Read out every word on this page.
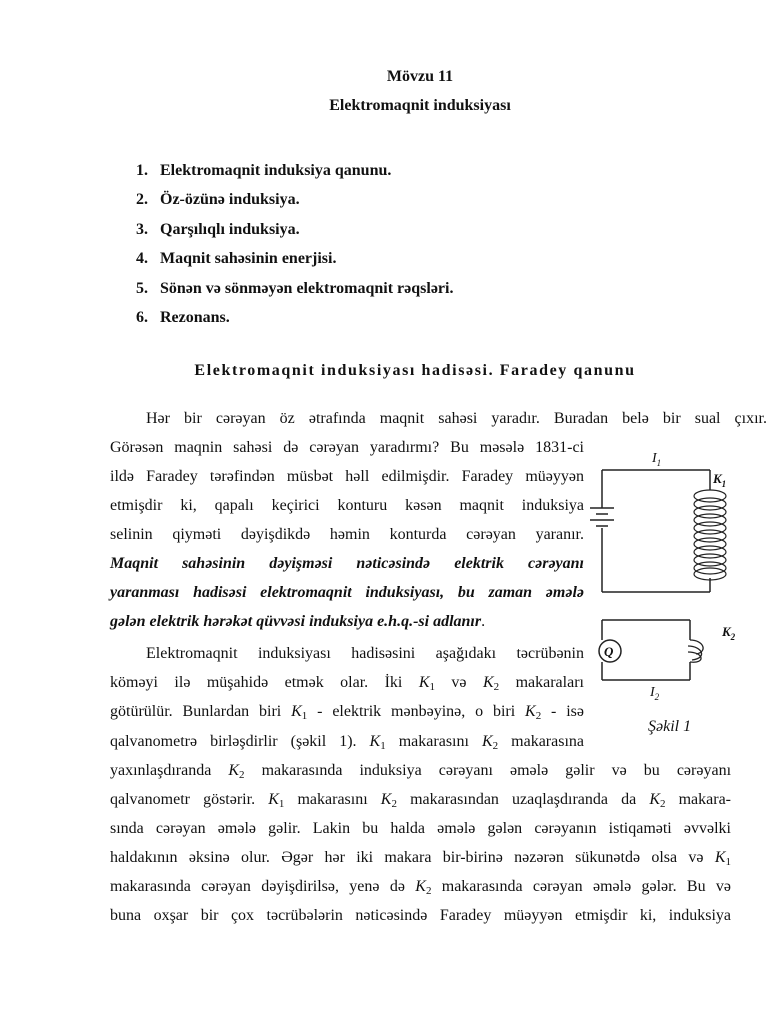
Mövzu 11
Elektromaqnit induksiyası
1. Elektromaqnit induksiya qanunu.
2. Öz-özünə induksiya.
3. Qarşılıqlı induksiya.
4. Maqnit sahəsinin enerjisi.
5. Sönən və sönməyən elektromaqnit rəqsləri.
6. Rezonans.
Elektromaqnit induksiyası hadisəsi. Faradey qanunu
Hər bir cərəyan öz ətrafında maqnit sahəsi yaradır. Buradan belə bir sual çıxır.
Görəsən maqnin sahəsi də cərəyan yaradırmı? Bu məsələ 1831-ci
ildə Faradey tərəfindən müsbət həll edilmişdir. Faradey müəyyən
etmişdir ki, qapalı keçirici konturu kəsən maqnit induksiya
selinin qiyməti dəyişdikdə həmin konturda cərəyan yaranır.
Maqnit sahəsinin dəyişməsi nəticəsində elektrik cərəyanı
yaranması hadisəsi elektromaqnit induksiyası, bu zaman əmələ
gələn elektrik hərəkət qüvvəsi induksiya e.h.q.-si adlanır.
Elektromaqnit induksiyası hadisəsini aşağıdakı təcrübənin
köməyi ilə müşahidə etmək olar. İki $K_1$ və $K_2$ makaraları
götürülür. Bunlardan biri $K_1$ - elektrik mənbəyinə, o biri $K_2$ - isə
qalvanometrə birləşdirlir (şəkil 1). $K_1$ makarasını $K_2$ makarasına
yaxınlaşdıranda $K_2$ makarasında induksiya cərəyanı əmələ gəlir və bu cərəyanı
qalvanometr göstərir. $K_1$ makarasını $K_2$ makarasından uzaqlaşdıranda da $K_2$ makara-
sında cərəyan əmələ gəlir. Lakin bu halda əmələ gələn cərəyanın istiqaməti əvvəlki
haldakının əksinə olur. Əgər hər iki makara bir-birinə nəzərən sükunətdə olsa və $K_1$
makarasında cərəyan dəyişdirilsə, yenə də $K_2$ makarasında cərəyan əmələ gələr. Bu və
buna oxşar bir çox təcrübələrin nəticəsində Faradey müəyyən etmişdir ki, induksiya
$I_1$
$K_1$
$K_2$
Q
$I_2$
Şəkil 1
